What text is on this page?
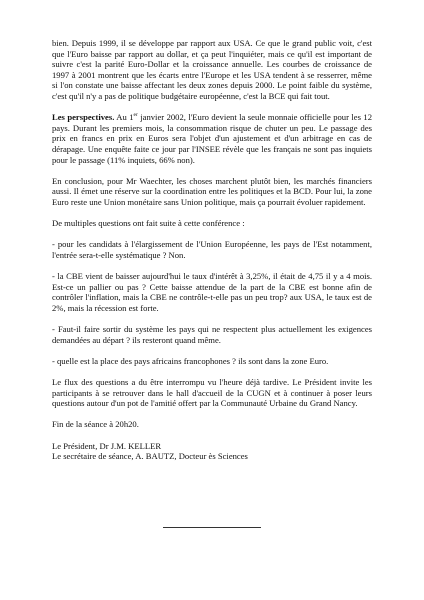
bien. Depuis 1999, il se développe par rapport aux USA. Ce que le grand public voit, c'est que l'Euro baisse par rapport au dollar, et ça peut l'inquiéter, mais ce qu'il est important de suivre c'est la parité Euro-Dollar et la croissance annuelle. Les courbes de croissance de 1997 à 2001 montrent que les écarts entre l'Europe et les USA tendent à se resserrer, même si l'on constate une baisse affectant les deux zones depuis 2000. Le point faible du système, c'est qu'il n'y a pas de politique budgétaire européenne, c'est la BCE qui fait tout.

Les perspectives. Au 1er janvier 2002, l'Euro devient la seule monnaie officielle pour les 12 pays. Durant les premiers mois, la consommation risque de chuter un peu. Le passage des prix en francs en prix en Euros sera l'objet d'un ajustement et d'un arbitrage en cas de dérapage. Une enquête faite ce jour par l'INSEE révèle que les français ne sont pas inquiets pour le passage (11% inquiets, 66% non).

En conclusion, pour Mr Waechter, les choses marchent plutôt bien, les marchés financiers aussi. Il émet une réserve sur la coordination entre les politiques et la BCD. Pour lui, la zone Euro reste une Union monétaire sans Union politique, mais ça pourrait évoluer rapidement.

De multiples questions ont fait suite à cette conférence :

- pour les candidats à l'élargissement de l'Union Européenne, les pays de l'Est notamment, l'entrée sera-t-elle systématique ? Non.

- la CBE vient de baisser aujourd'hui le taux d'intérêt à 3,25%, il était de 4,75 il y a 4 mois. Est-ce un pallier ou pas ? Cette baisse attendue de la part de la CBE est bonne afin de contrôler l'inflation, mais la CBE ne contrôle-t-elle pas un peu trop? aux USA, le taux est de 2%, mais la récession est forte.

- Faut-il faire sortir du système les pays qui ne respectent plus actuellement les exigences demandées au départ ? ils resteront quand même.

- quelle est la place des pays africains francophones ? ils sont dans la zone Euro.

Le flux des questions a du être interrompu vu l'heure déjà tardive. Le Président invite les participants à se retrouver dans le hall d'accueil de la CUGN et à continuer à poser leurs questions autour d'un pot de l'amitié offert par la Communauté Urbaine du Grand Nancy.

Fin de la séance à 20h20.

Le Président, Dr J.M. KELLER

Le secrétaire de séance, A. BAUTZ, Docteur ès Sciences
